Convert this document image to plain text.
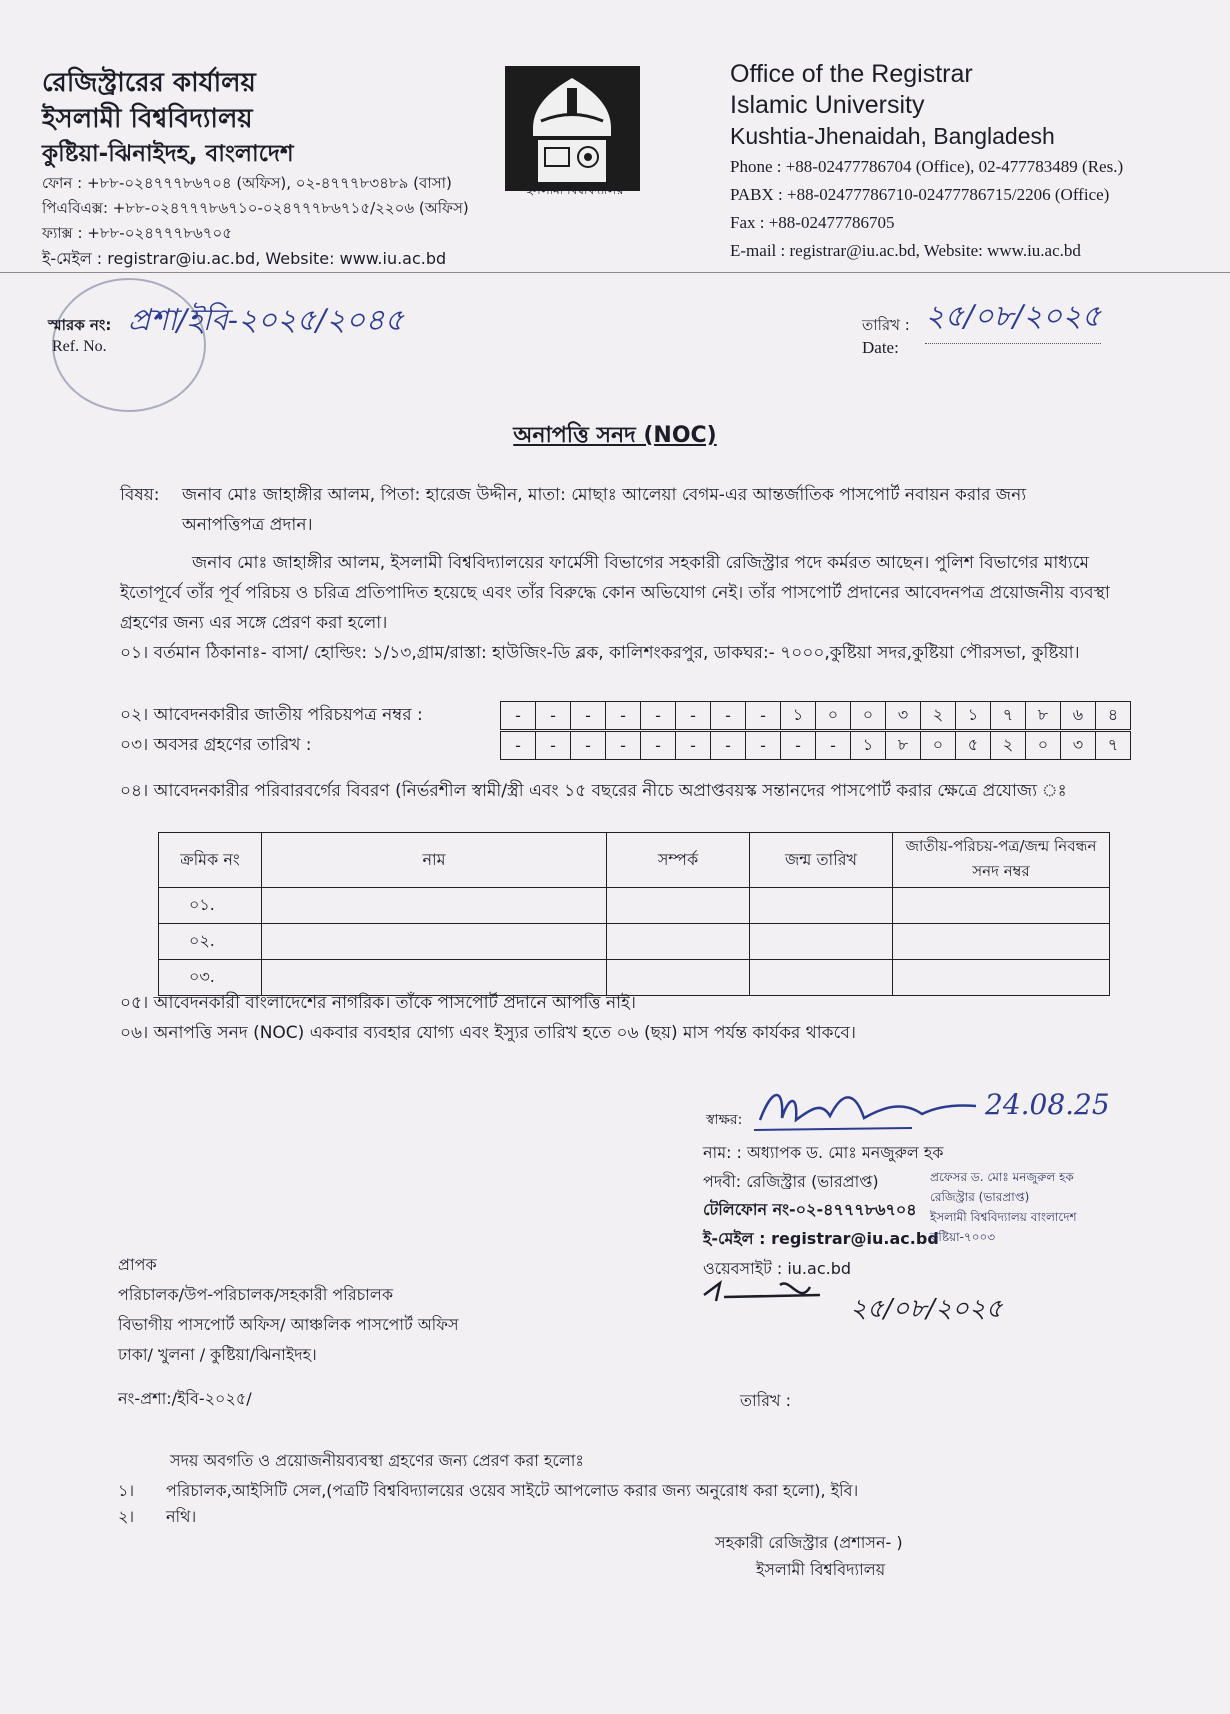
রেজিস্ট্রারের কার্যালয়
ইসলামী বিশ্ববিদ্যালয়
কুষ্টিয়া-ঝিনাইদহ, বাংলাদেশ
ফোন : +৮৮-০২৪৭৭৭৮৬৭০৪ (অফিস), ০২-৪৭৭৭৮৩৪৮৯ (বাসা)
পিএবিএক্স: +৮৮-০২৪৭৭৭৮৬৭১০-০২৪৭৭৭৮৬৭১৫/২২০৬ (অফিস)
ফ্যাক্স : +৮৮-০২৪৭৭৭৮৬৭০৫
ই-মেইল : registrar@iu.ac.bd, Website: www.iu.ac.bd
ইসলামী বিশ্ববিদ্যালয়
Office of the Registrar
Islamic University
Kushtia-Jhenaidah, Bangladesh
Phone : +88-02477786704 (Office), 02-477783489 (Res.)
PABX : +88-02477786710-02477786715/2206 (Office)
Fax : +88-02477786705
E-mail : registrar@iu.ac.bd, Website: www.iu.ac.bd
স্মারক নং:
Ref. No.
প্রশা/ইবি-২০২৫/২০৪৫	তারিখ : ২৫/০৮/২০২৫
Date:
অনাপত্তি সনদ (NOC)
বিষয়: জনাব মোঃ জাহাঙ্গীর আলম, পিতা: হারেজ উদ্দীন, মাতা: মোছাঃ আলেয়া বেগম-এর আন্তর্জাতিক পাসপোর্ট নবায়ন করার জন্য অনাপত্তিপত্র প্রদান।
জনাব মোঃ জাহাঙ্গীর আলম, ইসলামী বিশ্ববিদ্যালয়ের ফার্মেসী বিভাগের সহকারী রেজিস্ট্রার পদে কর্মরত আছেন। পুলিশ বিভাগের মাধ্যমে ইতোপূর্বে তাঁর পূর্ব পরিচয় ও চরিত্র প্রতিপাদিত হয়েছে এবং তাঁর বিরুদ্ধে কোন অভিযোগ নেই। তাঁর পাসপোর্ট প্রদানের আবেদনপত্র প্রয়োজনীয় ব্যবস্থা গ্রহণের জন্য এর সঙ্গে প্রেরণ করা হলো।
০১। বর্তমান ঠিকানাঃ- বাসা/ হোল্ডিং: ১/১৩,গ্রাম/রাস্তা: হাউজিং-ডি ব্লক, কালিশংকরপুর, ডাকঘর:- ৭০০০,কুষ্টিয়া সদর,কুষ্টিয়া পৌরসভা, কুষ্টিয়া।
০২। আবেদনকারীর জাতীয় পরিচয়পত্র নম্বর :	-	-	-	-	-	-	-	-	১	০	০	৩	২	১	৭	৮	৬	৪
০৩। অবসর গ্রহণের তারিখ :	-	-	-	-	-	-	-	-	-	-	১	৮	০	৫	২	০	৩	৭
০৪। আবেদনকারীর পরিবারবর্গের বিবরণ (নির্ভরশীল স্বামী/স্ত্রী এবং ১৫ বছরের নীচে অপ্রাপ্তবয়স্ক সন্তানদের পাসপোর্ট করার ক্ষেত্রে প্রযোজ্য ঃ
ক্রমিক নং	নাম	সম্পর্ক	জন্ম তারিখ	জাতীয়-পরিচয়-পত্র/জন্ম নিবন্ধন সনদ নম্বর
০১.				
০২.				
০৩.				
০৫। আবেদনকারী বাংলাদেশের নাগরিক। তাঁকে পাসপোর্ট প্রদানে আপত্তি নাই।
০৬। অনাপত্তি সনদ (NOC) একবার ব্যবহার যোগ্য এবং ইস্যুর তারিখ হতে ০৬ (ছয়) মাস পর্যন্ত কার্যকর থাকবে।
স্বাক্ষর:	24.08.25
নাম: : অধ্যাপক ড. মোঃ মনজুরুল হক
পদবী: রেজিস্ট্রার (ভারপ্রাপ্ত)
টেলিফোন নং-০২-৪৭৭৭৮৬৭০৪
ই-মেইল : registrar@iu.ac.bd
ওয়েবসাইট : iu.ac.bd
প্রফেসর ড. মোঃ মনজুরুল হক
রেজিস্ট্রার (ভারপ্রাপ্ত)
ইসলামী বিশ্ববিদ্যালয় বাংলাদেশ
কুষ্টিয়া-৭০০৩
২৫/০৮/২০২৫
প্রাপক
পরিচালক/উপ-পরিচালক/সহকারী পরিচালক
বিভাগীয় পাসপোর্ট অফিস/ আঞ্চলিক পাসপোর্ট অফিস
ঢাকা/ খুলনা / কুষ্টিয়া/ঝিনাইদহ।
নং-প্রশা:/ইবি-২০২৫/	তারিখ :
সদয় অবগতি ও প্রয়োজনীয়ব্যবস্থা গ্রহণের জন্য প্রেরণ করা হলোঃ
১। পরিচালক,আইসিটি সেল,(পত্রটি বিশ্ববিদ্যালয়ের ওয়েব সাইটে আপলোড করার জন্য অনুরোধ করা হলো), ইবি।
২। নথি।
সহকারী রেজিস্ট্রার (প্রশাসন- )
ইসলামী বিশ্ববিদ্যালয়
